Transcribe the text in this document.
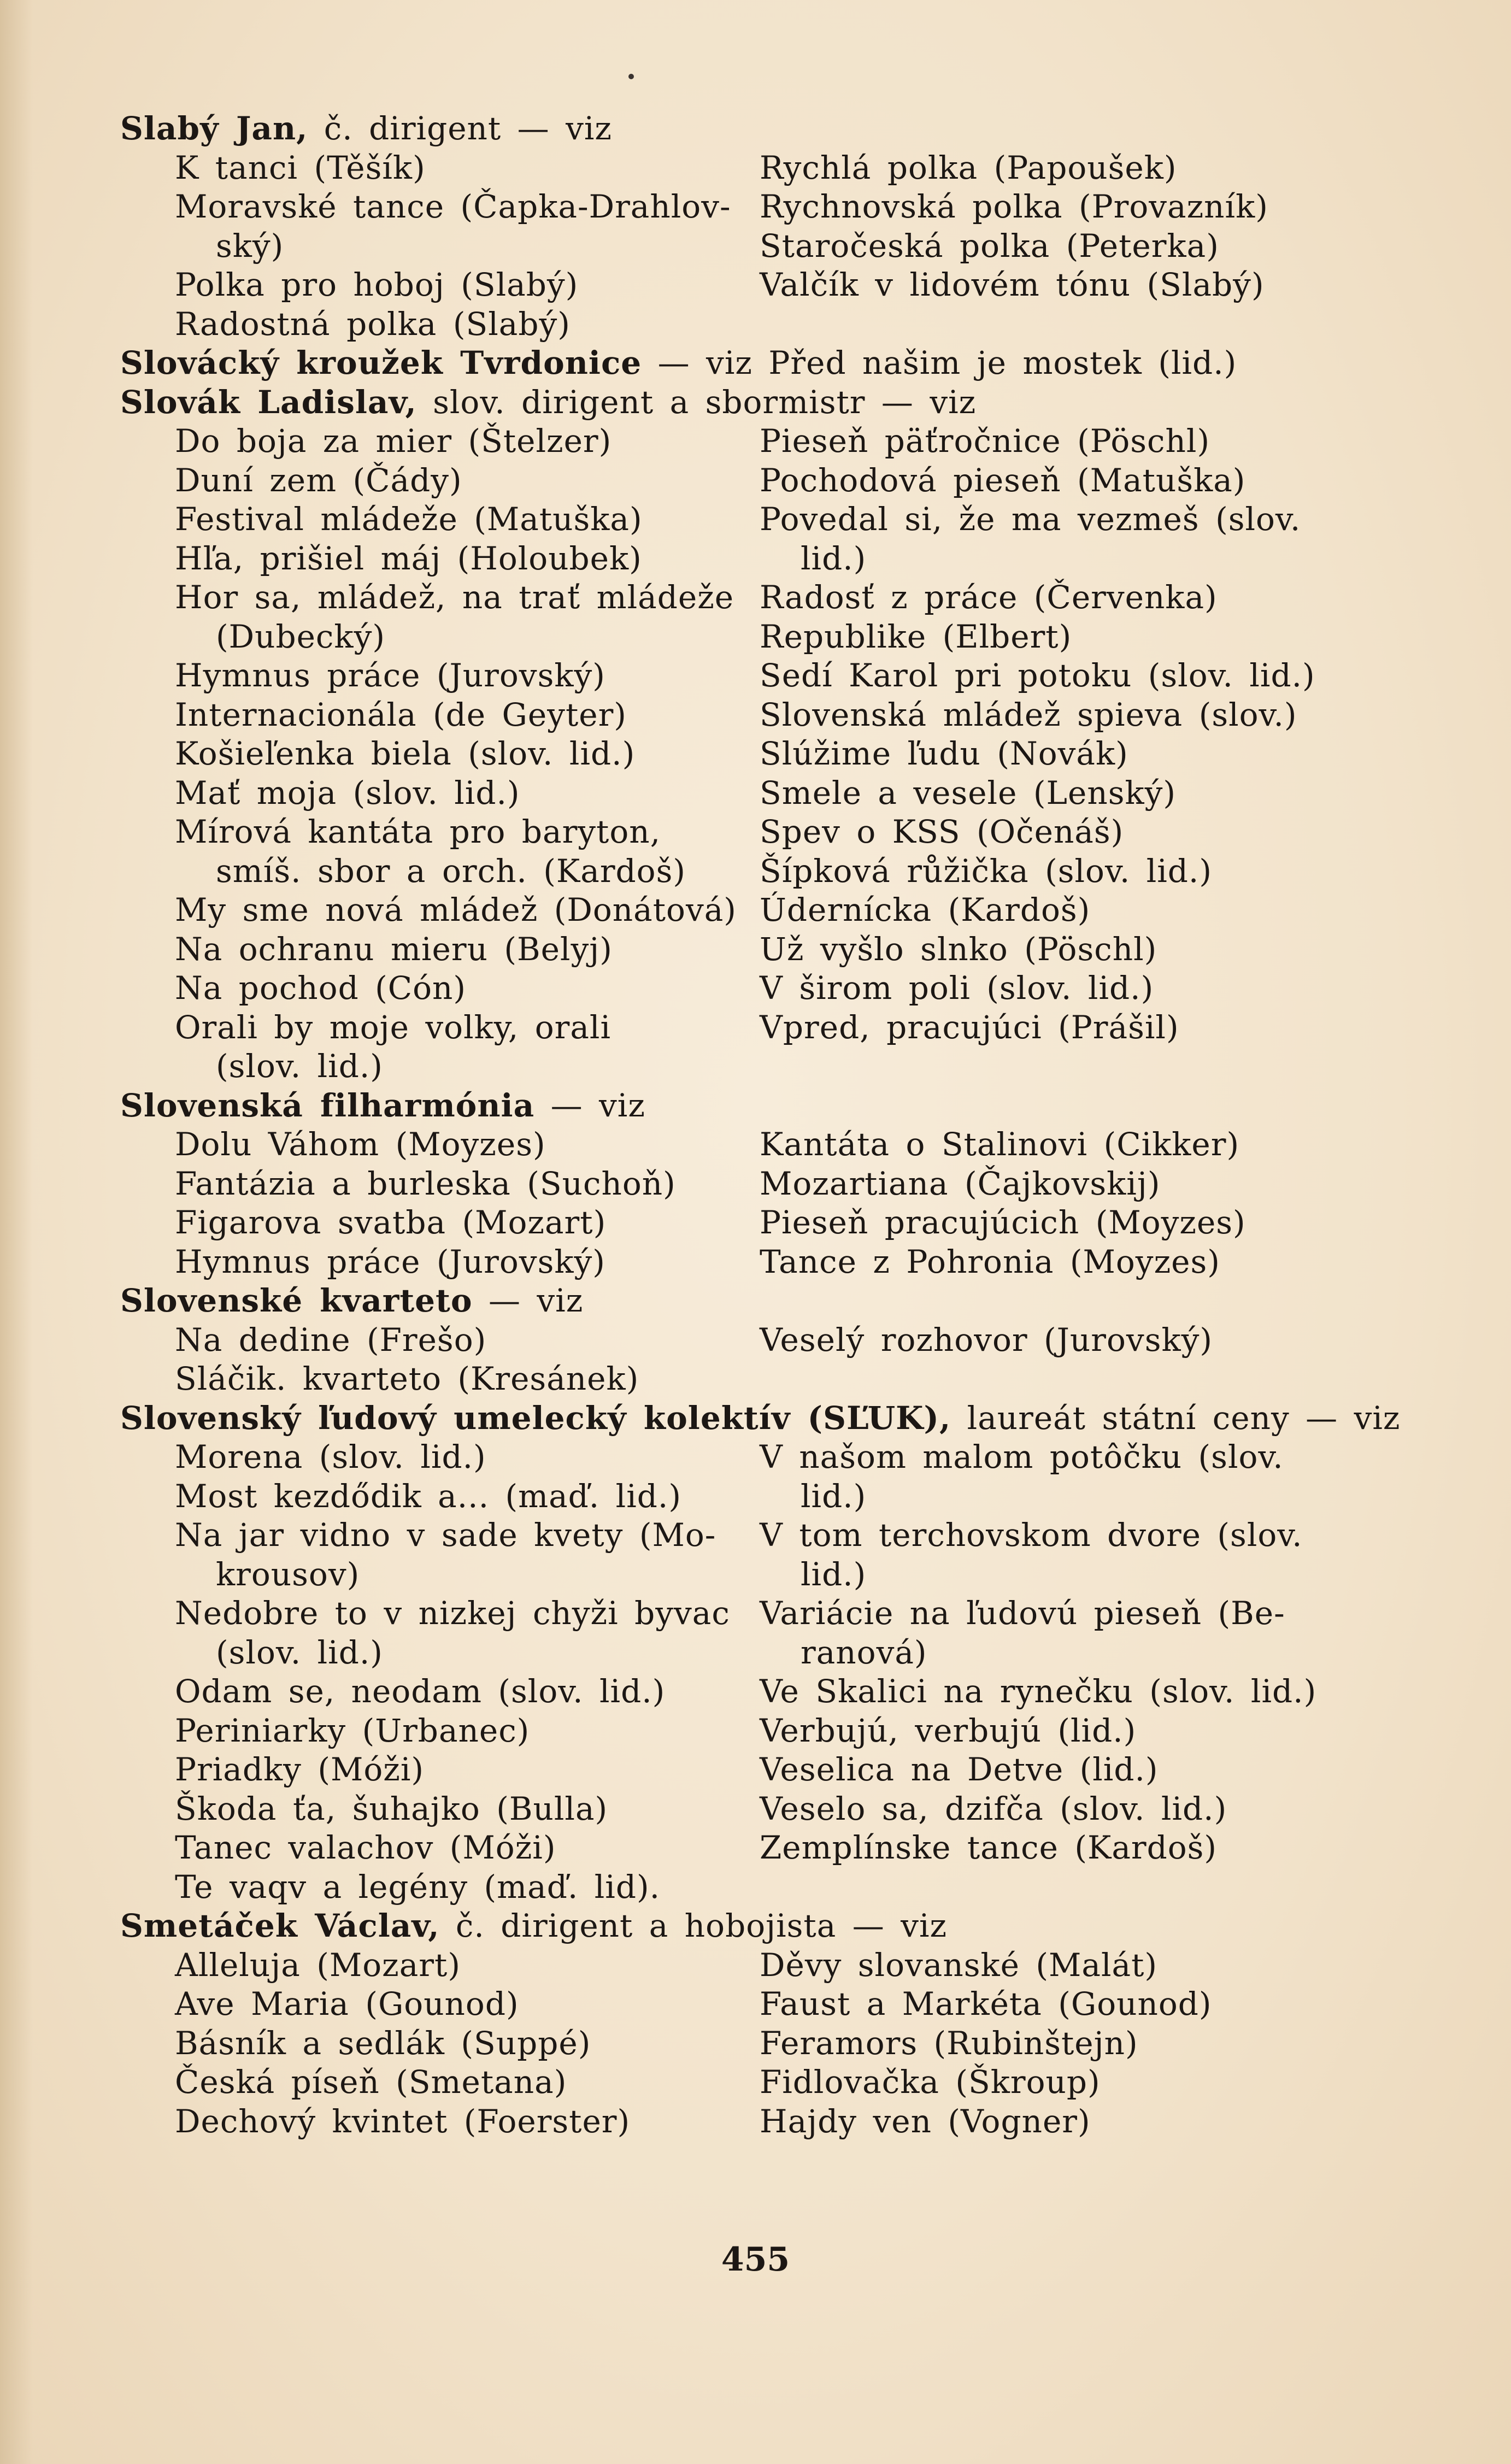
Slabý Jan, č. dirigent — viz
K tanci (Těšík)
Moravské tance (Čapka-Drahlov-
ský)
Polka pro hoboj (Slabý)
Radostná polka (Slabý)
Rychlá polka (Papoušek)
Rychnovská polka (Provazník)
Staročeská polka (Peterka)
Valčík v lidovém tónu (Slabý)
Slovácký kroužek Tvrdonice — viz Před našim je mostek (lid.)
Slovák Ladislav, slov. dirigent a sbormistr — viz
Do boja za mier (Štelzer)
Duní zem (Čády)
Festival mládeže (Matuška)
Hľa, prišiel máj (Holoubek)
Hor sa, mládež, na trať mládeže
(Dubecký)
Hymnus práce (Jurovský)
Internacionála (de Geyter)
Košieľenka biela (slov. lid.)
Mať moja (slov. lid.)
Mírová kantáta pro baryton,
smíš. sbor a orch. (Kardoš)
My sme nová mládež (Donátová)
Na ochranu mieru (Belyj)
Na pochod (Cón)
Orali by moje volky, orali
(slov. lid.)
Pieseň päťročnice (Pöschl)
Pochodová pieseň (Matuška)
Povedal si, že ma vezmeš (slov.
lid.)
Radosť z práce (Červenka)
Republike (Elbert)
Sedí Karol pri potoku (slov. lid.)
Slovenská mládež spieva (slov.)
Slúžime ľudu (Novák)
Smele a vesele (Lenský)
Spev o KSS (Očenáš)
Šípková růžička (slov. lid.)
Údernícka (Kardoš)
Už vyšlo slnko (Pöschl)
V širom poli (slov. lid.)
Vpred, pracujúci (Prášil)
Slovenská filharmónia — viz
Dolu Váhom (Moyzes)
Fantázia a burleska (Suchoň)
Figarova svatba (Mozart)
Hymnus práce (Jurovský)
Kantáta o Stalinovi (Cikker)
Mozartiana (Čajkovskij)
Pieseň pracujúcich (Moyzes)
Tance z Pohronia (Moyzes)
Slovenské kvarteto — viz
Na dedine (Frešo)
Sláčik. kvarteto (Kresánek)
Veselý rozhovor (Jurovský)
Slovenský ľudový umelecký kolektív (SĽUK), laureát státní ceny — viz
Morena (slov. lid.)
Most kezdődik a... (maď. lid.)
Na jar vidno v sade kvety (Mo-
krousov)
Nedobre to v nizkej chyži byvac
(slov. lid.)
Odam se, neodam (slov. lid.)
Periniarky (Urbanec)
Priadky (Móži)
Škoda ťa, šuhajko (Bulla)
Tanec valachov (Móži)
Te vaqv a legény (maď. lid).
V našom malom potôčku (slov.
lid.)
V tom terchovskom dvore (slov.
lid.)
Variácie na ľudovú pieseň (Be-
ranová)
Ve Skalici na rynečku (slov. lid.)
Verbujú, verbujú (lid.)
Veselica na Detve (lid.)
Veselo sa, dzifča (slov. lid.)
Zemplínske tance (Kardoš)
Smetáček Václav, č. dirigent a hobojista — viz
Alleluja (Mozart)
Ave Maria (Gounod)
Básník a sedlák (Suppé)
Česká píseň (Smetana)
Dechový kvintet (Foerster)
Děvy slovanské (Malát)
Faust a Markéta (Gounod)
Feramors (Rubinštejn)
Fidlovačka (Škroup)
Hajdy ven (Vogner)
455
